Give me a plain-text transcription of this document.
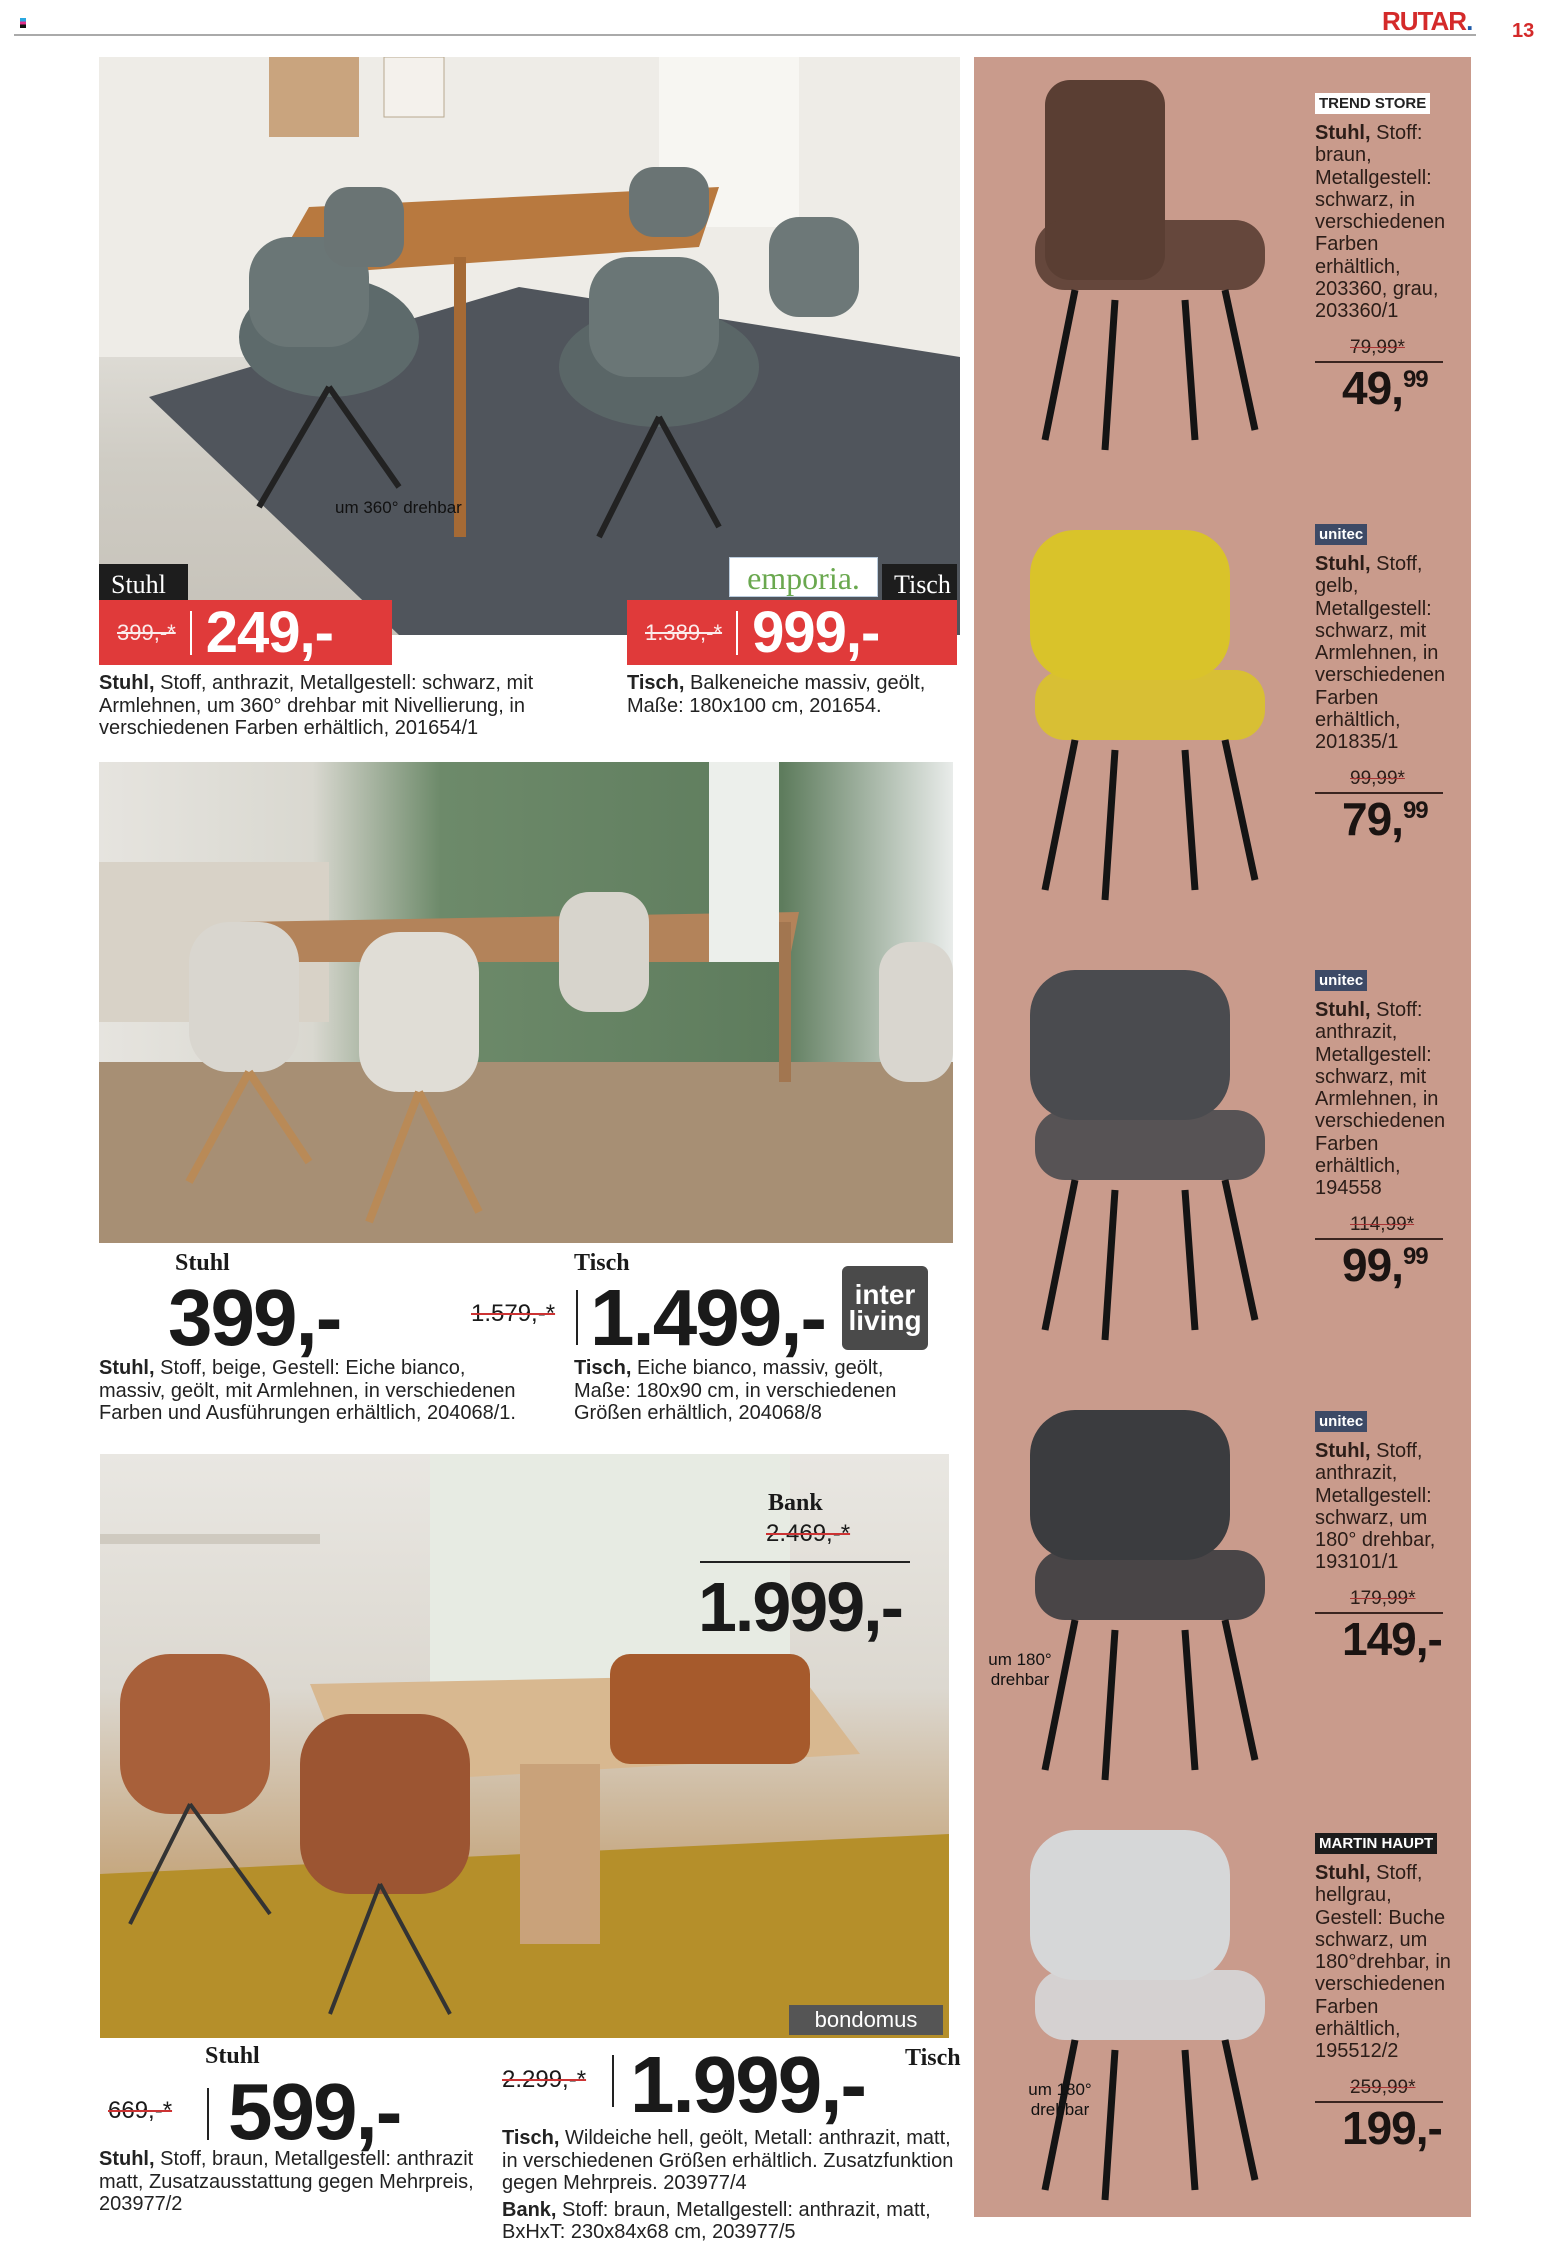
RUTAR. 13
um 360° drehbar
Stuhl	emporia.	Tisch
399,-* 249,-	1.389,-* 999,-
Stuhl, Stoff, anthrazit, Metallgestell: schwarz, mit Armlehnen, um 360° drehbar mit Nivellierung, in verschiedenen Farben erhältlich, 201654/1
Tisch, Balkeneiche massiv, geölt, Maße: 180x100 cm, 201654.
Stuhl
399,-
Tisch
1.579,-* 1.499,-	inter living
Stuhl, Stoff, beige, Gestell: Eiche bianco, massiv, geölt, mit Armlehnen, in verschiedenen Farben und Ausführungen erhältlich, 204068/1.
Tisch, Eiche bianco, massiv, geölt, Maße: 180x90 cm, in verschiedenen Größen erhältlich, 204068/8
Bank
2.469,-*
1.999,-
bondomus
Stuhl
669,-* 599,-	2.299,-* 1.999,- Tisch
Stuhl, Stoff, braun, Metallgestell: anthrazit matt, Zusatzausstattung gegen Mehrpreis, 203977/2
Tisch, Wildeiche hell, geölt, Metall: anthrazit, matt, in verschiedenen Größen erhältlich. Zusatzfunktion gegen Mehrpreis. 203977/4
Bank, Stoff: braun, Metallgestell: anthrazit, matt, BxHxT: 230x84x68 cm, 203977/5
TREND STORE
Stuhl, Stoff: braun, Metallgestell: schwarz, in verschiedenen Farben erhältlich, 203360, grau, 203360/1
79,99*
49,99
unitec
Stuhl, Stoff, gelb, Metallgestell: schwarz, mit Armlehnen, in verschiedenen Farben erhältlich, 201835/1
99,99*
79,99
unitec
Stuhl, Stoff: anthrazit, Metallgestell: schwarz, mit Armlehnen, in verschiedenen Farben erhältlich, 194558
114,99*
99,99
um 180° drehbar
unitec
Stuhl, Stoff, anthrazit, Metallgestell: schwarz, um 180° drehbar, 193101/1
179,99*
149,-
um 180° drehbar
MARTIN HAUPT
Stuhl, Stoff, hellgrau, Gestell: Buche schwarz, um 180°drehbar, in verschiedenen Farben erhältlich, 195512/2
259,99*
199,-
